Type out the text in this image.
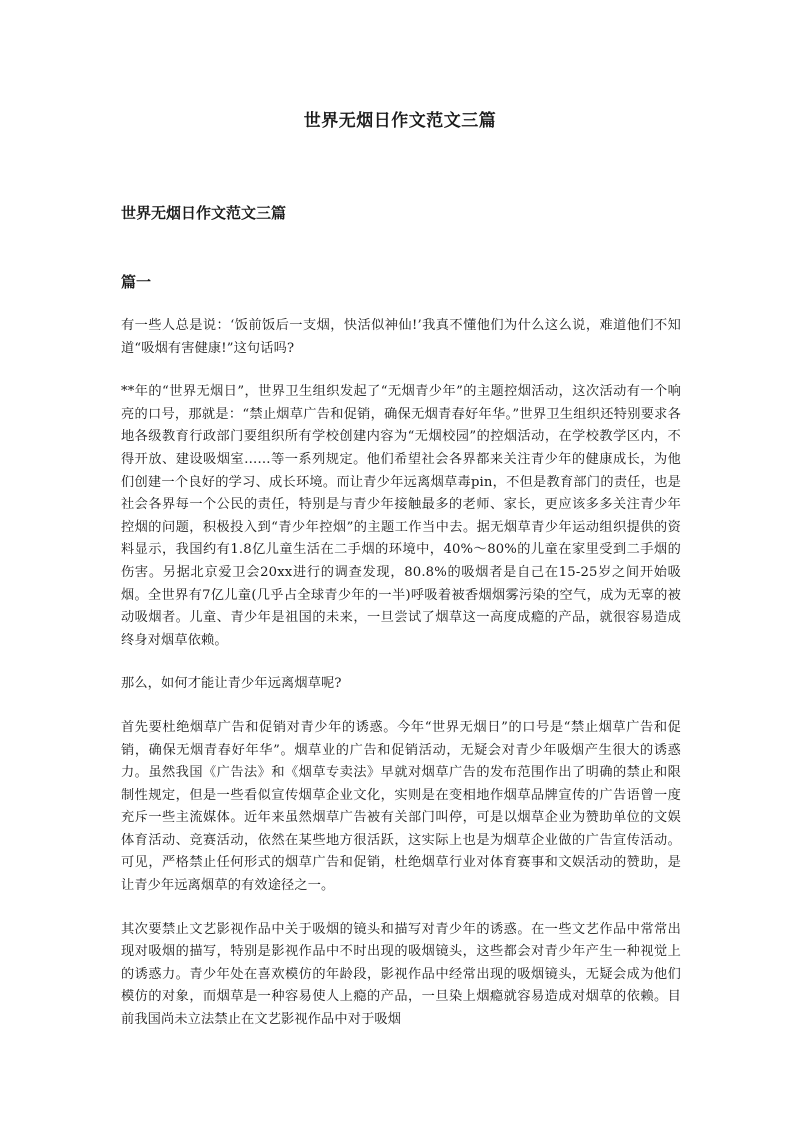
世界无烟日作文范文三篇
世界无烟日作文范文三篇
篇一

有一些人总是说：‘饭前饭后一支烟，快活似神仙!’我真不懂他们为什么这么说，难道他们不知道“吸烟有害健康!”这句话吗?

**年的“世界无烟日”，世界卫生组织发起了“无烟青少年”的主题控烟活动，这次活动有一个响亮的口号，那就是：“禁止烟草广告和促销，确保无烟青春好年华。”世界卫生组织还特别要求各地各级教育行政部门要组织所有学校创建内容为“无烟校园”的控烟活动，在学校教学区内，不得开放、建设吸烟室……等一系列规定。他们希望社会各界都来关注青少年的健康成长，为他们创建一个良好的学习、成长环境。而让青少年远离烟草毒pin，不但是教育部门的责任，也是社会各界每一个公民的责任，特别是与青少年接触最多的老师、家长，更应该多多关注青少年控烟的问题，积极投入到“青少年控烟”的主题工作当中去。据无烟草青少年运动组织提供的资料显示，我国约有1.8亿儿童生活在二手烟的环境中，40%～80%的儿童在家里受到二手烟的伤害。另据北京爱卫会20xx进行的调查发现，80.8%的吸烟者是自己在15-25岁之间开始吸烟。全世界有7亿儿童(几乎占全球青少年的一半)呼吸着被香烟烟雾污染的空气，成为无辜的被动吸烟者。儿童、青少年是祖国的未来，一旦尝试了烟草这一高度成瘾的产品，就很容易造成终身对烟草依赖。

那么，如何才能让青少年远离烟草呢?

首先要杜绝烟草广告和促销对青少年的诱惑。今年“世界无烟日”的口号是“禁止烟草广告和促销，确保无烟青春好年华”。烟草业的广告和促销活动，无疑会对青少年吸烟产生很大的诱惑力。虽然我国《广告法》和《烟草专卖法》早就对烟草广告的发布范围作出了明确的禁止和限制性规定，但是一些看似宣传烟草企业文化，实则是在变相地作烟草品牌宣传的广告语曾一度充斥一些主流媒体。近年来虽然烟草广告被有关部门叫停，可是以烟草企业为赞助单位的文娱体育活动、竞赛活动，依然在某些地方很活跃，这实际上也是为烟草企业做的广告宣传活动。可见，严格禁止任何形式的烟草广告和促销，杜绝烟草行业对体育赛事和文娱活动的赞助，是让青少年远离烟草的有效途径之一。

其次要禁止文艺影视作品中关于吸烟的镜头和描写对青少年的诱惑。在一些文艺作品中常常出现对吸烟的描写，特别是影视作品中不时出现的吸烟镜头，这些都会对青少年产生一种视觉上的诱惑力。青少年处在喜欢模仿的年龄段，影视作品中经常出现的吸烟镜头，无疑会成为他们模仿的对象，而烟草是一种容易使人上瘾的产品，一旦染上烟瘾就容易造成对烟草的依赖。目前我国尚未立法禁止在文艺影视作品中对于吸烟
